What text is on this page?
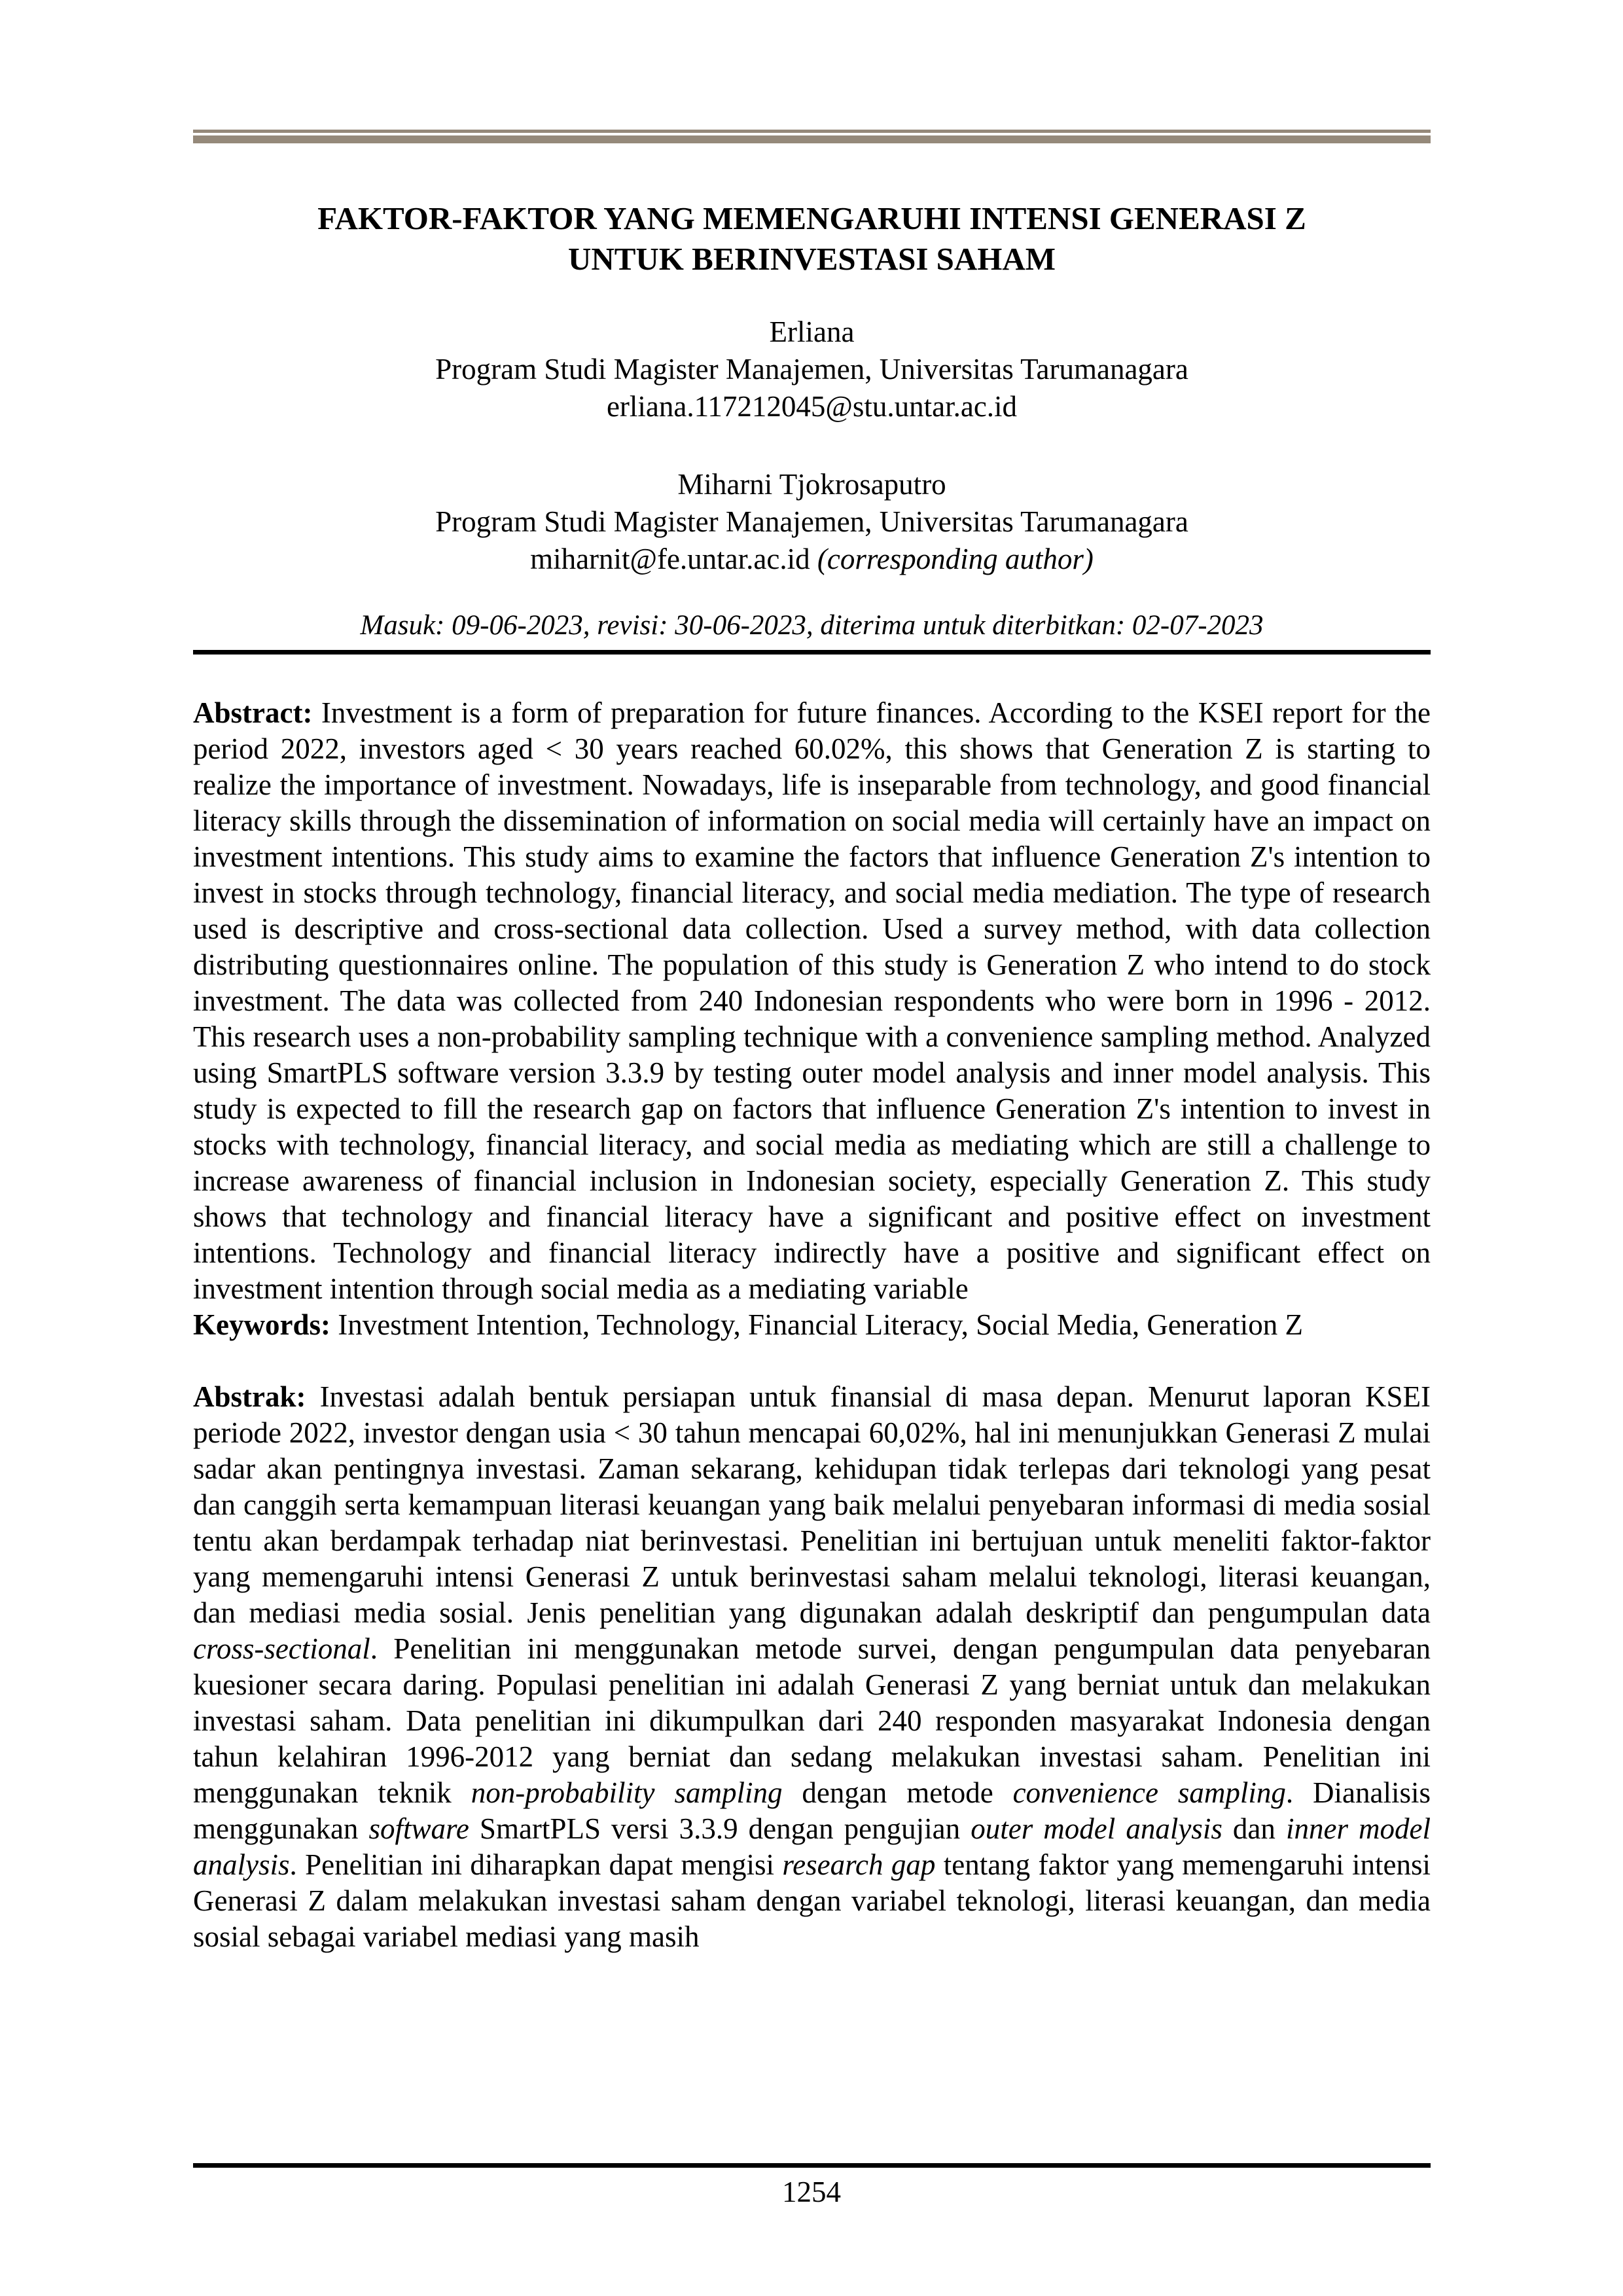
FAKTOR-FAKTOR YANG MEMENGARUHI INTENSI GENERASI Z
UNTUK BERINVESTASI SAHAM
Erliana
Program Studi Magister Manajemen, Universitas Tarumanagara
erliana.117212045@stu.untar.ac.id
Miharni Tjokrosaputro
Program Studi Magister Manajemen, Universitas Tarumanagara
miharnit@fe.untar.ac.id (corresponding author)
Masuk: 09-06-2023, revisi: 30-06-2023, diterima untuk diterbitkan: 02-07-2023

Abstract: Investment is a form of preparation for future finances. According to the KSEI report for the period 2022, investors aged < 30 years reached 60.02%, this shows that Generation Z is starting to realize the importance of investment. Nowadays, life is inseparable from technology, and good financial literacy skills through the dissemination of information on social media will certainly have an impact on investment intentions. This study aims to examine the factors that influence Generation Z's intention to invest in stocks through technology, financial literacy, and social media mediation. The type of research used is descriptive and cross-sectional data collection. Used a survey method, with data collection distributing questionnaires online. The population of this study is Generation Z who intend to do stock investment. The data was collected from 240 Indonesian respondents who were born in 1996 - 2012. This research uses a non-probability sampling technique with a convenience sampling method. Analyzed using SmartPLS software version 3.3.9 by testing outer model analysis and inner model analysis. This study is expected to fill the research gap on factors that influence Generation Z's intention to invest in stocks with technology, financial literacy, and social media as mediating which are still a challenge to increase awareness of financial inclusion in Indonesian society, especially Generation Z. This study shows that technology and financial literacy have a significant and positive effect on investment intentions. Technology and financial literacy indirectly have a positive and significant effect on investment intention through social media as a mediating variable

Keywords: Investment Intention, Technology, Financial Literacy, Social Media, Generation Z

Abstrak: Investasi adalah bentuk persiapan untuk finansial di masa depan. Menurut laporan KSEI periode 2022, investor dengan usia < 30 tahun mencapai 60,02%, hal ini menunjukkan Generasi Z mulai sadar akan pentingnya investasi. Zaman sekarang, kehidupan tidak terlepas dari teknologi yang pesat dan canggih serta kemampuan literasi keuangan yang baik melalui penyebaran informasi di media sosial tentu akan berdampak terhadap niat berinvestasi. Penelitian ini bertujuan untuk meneliti faktor-faktor yang memengaruhi intensi Generasi Z untuk berinvestasi saham melalui teknologi, literasi keuangan, dan mediasi media sosial. Jenis penelitian yang digunakan adalah deskriptif dan pengumpulan data cross-sectional. Penelitian ini menggunakan metode survei, dengan pengumpulan data penyebaran kuesioner secara daring. Populasi penelitian ini adalah Generasi Z yang berniat untuk dan melakukan investasi saham. Data penelitian ini dikumpulkan dari 240 responden masyarakat Indonesia dengan tahun kelahiran 1996-2012 yang berniat dan sedang melakukan investasi saham. Penelitian ini menggunakan teknik non-probability sampling dengan metode convenience sampling. Dianalisis menggunakan software SmartPLS versi 3.3.9 dengan pengujian outer model analysis dan inner model analysis. Penelitian ini diharapkan dapat mengisi research gap tentang faktor yang memengaruhi intensi Generasi Z dalam melakukan investasi saham dengan variabel teknologi, literasi keuangan, dan media sosial sebagai variabel mediasi yang masih

1254
